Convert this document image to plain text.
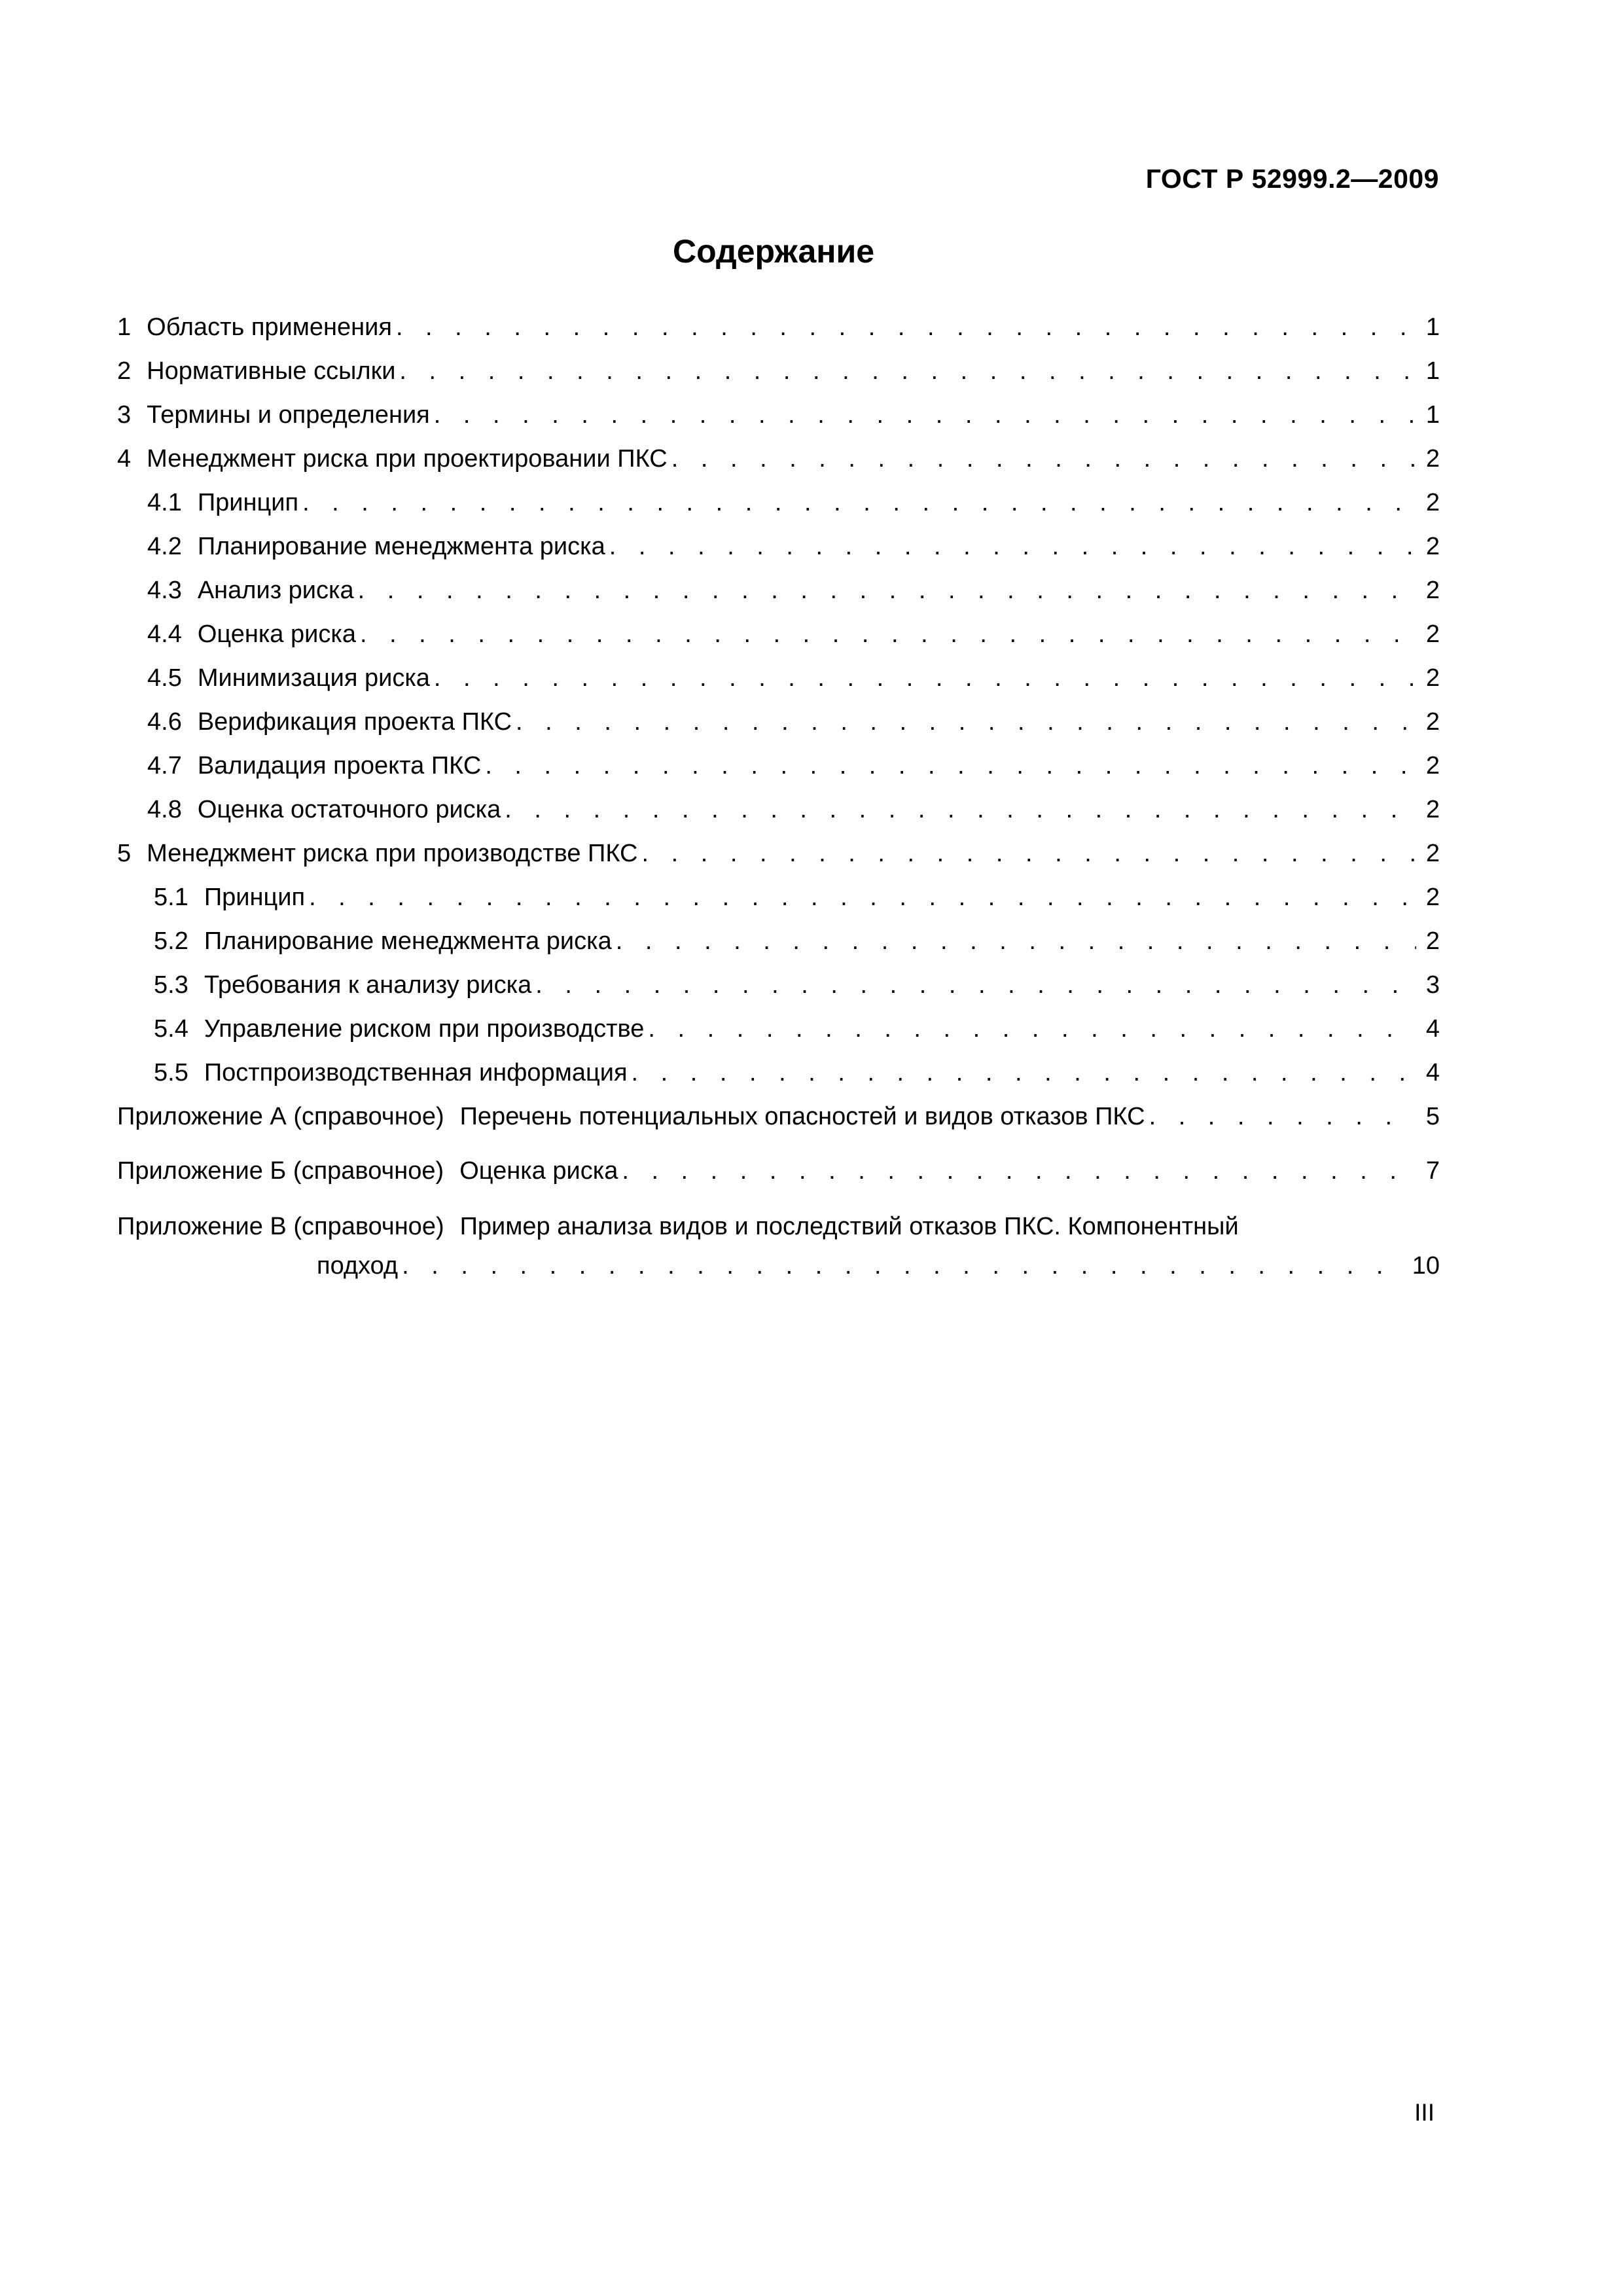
ГОСТ Р 52999.2—2009
Содержание
1 Область применения . . .	1
2 Нормативные ссылки . . .	1
3 Термины и определения . . .	1
4 Менеджмент риска при проектировании ПКС . . .	2
4.1 Принцип . . .	2
4.2 Планирование менеджмента риска . . .	2
4.3 Анализ риска . . .	2
4.4 Оценка риска . . .	2
4.5 Минимизация риска . . .	2
4.6 Верификация проекта ПКС . . .	2
4.7 Валидация проекта ПКС . . .	2
4.8 Оценка остаточного риска . . .	2
5 Менеджмент риска при производстве ПКС . . .	2
5.1 Принцип . . .	2
5.2 Планирование менеджмента риска . . .	2
5.3 Требования к анализу риска . . .	3
5.4 Управление риском при производстве . . .	4
5.5 Постпроизводственная информация . . .	4
Приложение А (справочное) Перечень потенциальных опасностей и видов отказов ПКС . . .	5
Приложение Б (справочное) Оценка риска . . .	7
Приложение В (справочное) Пример анализа видов и последствий отказов ПКС. Компонентный
подход . . .	10
III
